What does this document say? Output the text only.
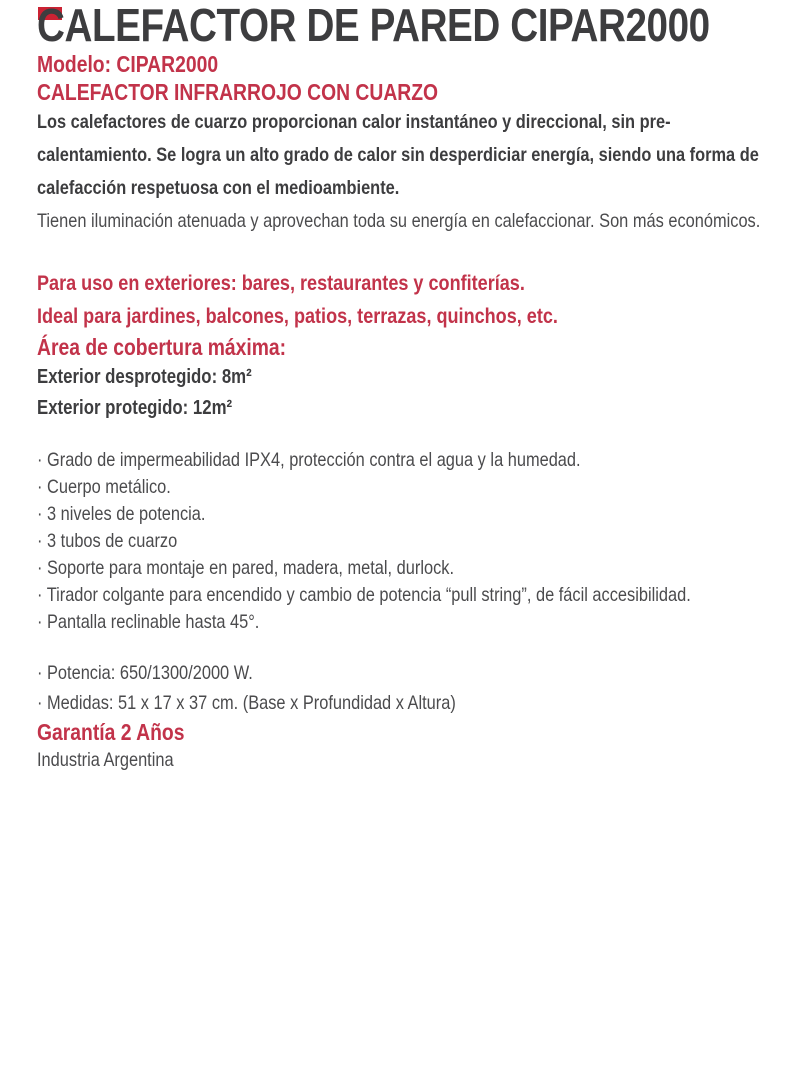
CALEFACTOR DE PARED CIPAR2000

Modelo: CIPAR2000

CALEFACTOR INFRARROJO CON CUARZO

Los calefactores de cuarzo proporcionan calor instantáneo y direccional, sin pre-calentamiento. Se logra un alto grado de calor sin desperdiciar energía, siendo una forma de calefacción respetuosa con el medioambiente.

Tienen iluminación atenuada y aprovechan toda su energía en calefaccionar. Son más económicos.

Para uso en exteriores: bares, restaurantes y confiterías.

Ideal para jardines, balcones, patios, terrazas, quinchos, etc.

Área de cobertura máxima:

Exterior desprotegido: 8m²

Exterior protegido: 12m²

· Grado de impermeabilidad IPX4, protección contra el agua y la humedad.

· Cuerpo metálico.

· 3 niveles de potencia.

· 3 tubos de cuarzo

· Soporte para montaje en pared, madera, metal, durlock.

· Tirador colgante para encendido y cambio de potencia “pull string”, de fácil accesibilidad.

· Pantalla reclinable hasta 45°.

· Potencia: 650/1300/2000 W.

· Medidas: 51 x 17 x 37 cm. (Base x Profundidad x Altura)

Garantía 2 Años

Industria Argentina
